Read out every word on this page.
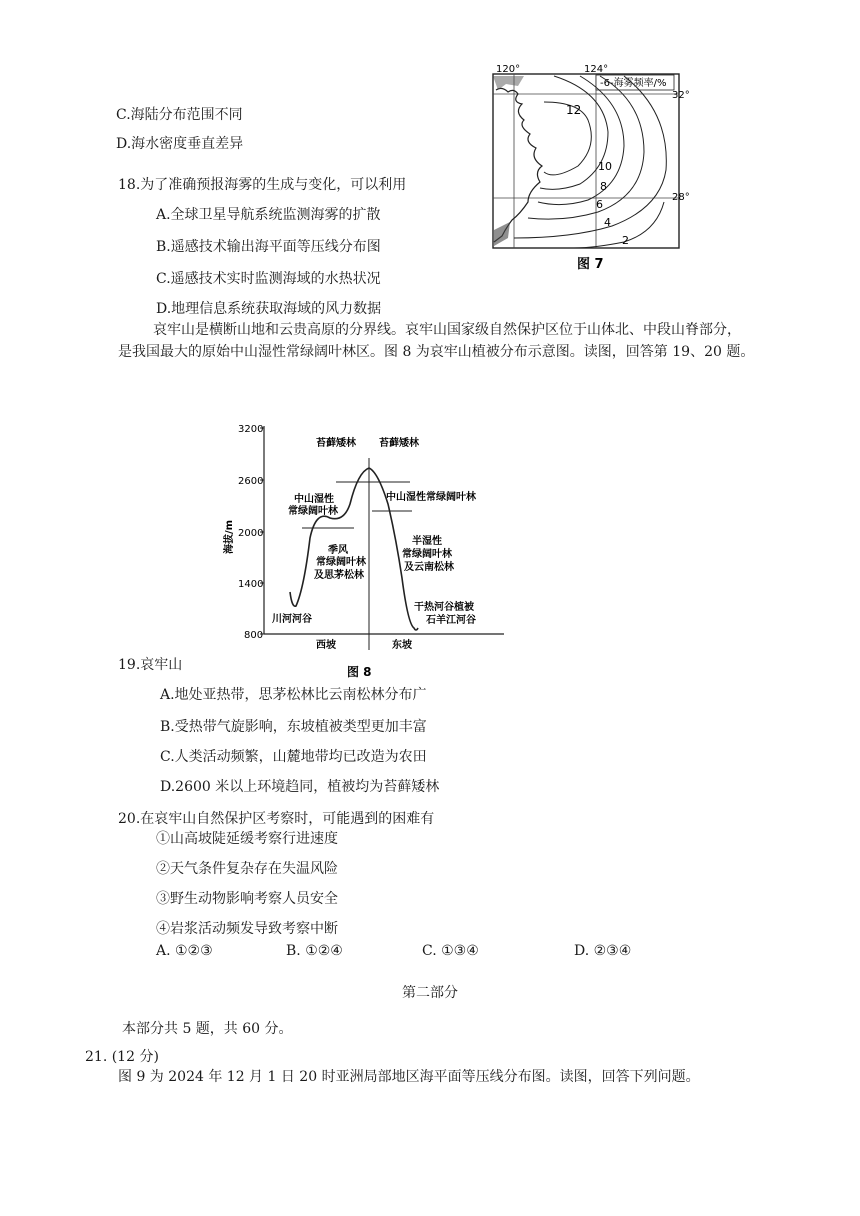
C.海陆分布范围不同
D.海水密度垂直差异
18.为了准确预报海雾的生成与变化，可以利用
A.全球卫星导航系统监测海雾的扩散
B.遥感技术输出海平面等压线分布图
C.遥感技术实时监测海域的水热状况
D.地理信息系统获取海域的风力数据
120°	124°
-6-海雾频率/%
32°
28°
12
10
8
6
4
2
图 7
哀牢山是横断山地和云贵高原的分界线。哀牢山国家级自然保护区位于山体北、中段山脊部分，
是我国最大的原始中山湿性常绿阔叶林区。图 8 为哀牢山植被分布示意图。读图，回答第 19、20 题。
3200
2600
2000
1400
800
海拔/m
苔藓矮林 苔藓矮林
中山湿性
常绿阔叶林
中山湿性常绿阔叶林
季风
常绿阔叶林
及思茅松林
半湿性
常绿阔叶林
及云南松林
干热河谷植被
石羊江河谷
川河河谷
西坡	东坡
图 8
19.哀牢山
A.地处亚热带，思茅松林比云南松林分布广
B.受热带气旋影响，东坡植被类型更加丰富
C.人类活动频繁，山麓地带均已改造为农田
D.2600 米以上环境趋同，植被均为苔藓矮林
20.在哀牢山自然保护区考察时，可能遇到的困难有
①山高坡陡延缓考察行进速度
②天气条件复杂存在失温风险
③野生动物影响考察人员安全
④岩浆活动频发导致考察中断
A. ①②③	B. ①②④	C. ①③④	D. ②③④
第二部分
本部分共 5 题，共 60 分。
21. (12 分)
图 9 为 2024 年 12 月 1 日 20 时亚洲局部地区海平面等压线分布图。读图，回答下列问题。
